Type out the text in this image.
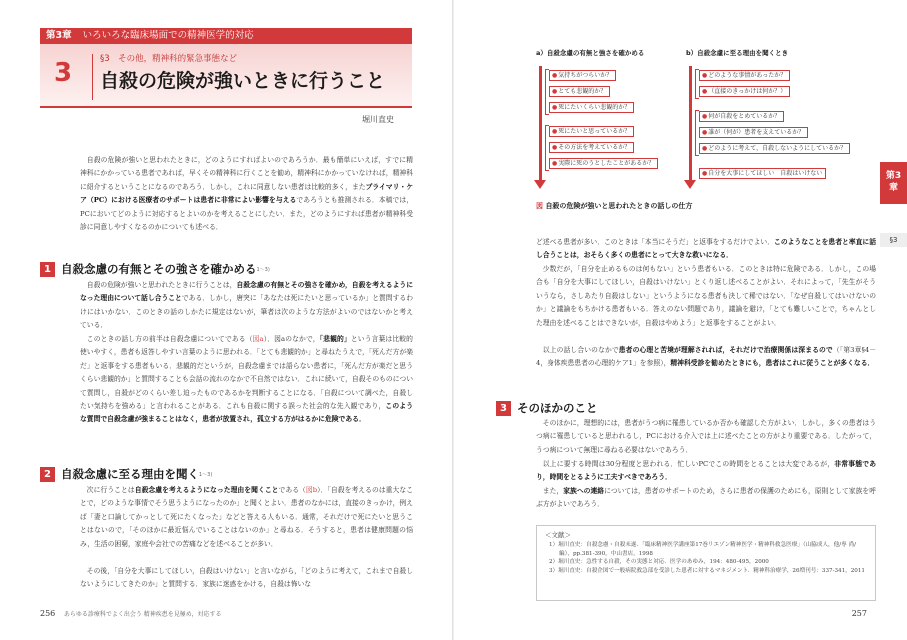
第3章 いろいろな臨床場面での精神医学的対応
3	§3　その他，精神科的緊急事態など
自殺の危険が強いときに行うこと
堀川直史

自殺の危険が強いと思われたときに，どのようにすればよいのであろうか．最も簡単にいえば，すでに精神科にかかっている患者であれば，早くその精神科に行くことを勧め，精神科にかかっていなければ，精神科に紹介するということになるのであろう．しかし，これに同意しない患者は比較的多く，またプライマリ・ケア（PC）における医療者のサポートは患者に非常によい影響を与えるであろうとも推測される．本稿では，PCにおいてどのように対応するとよいのかを考えることにしたい．また，どのようにすれば患者が精神科受診に同意しやすくなるのかについても述べる．

1 自殺念慮の有無とその強さを確かめる 1～3)

自殺の危険が強いと思われたときに行うことは，自殺念慮の有無とその強さを確かめ，自殺を考えるようになった理由について話し合うことである．しかし，唐突に「あなたは死にたいと思っているか」と質問するわけにはいかない．このときの話のしかたに規定はないが，筆者は次のような方法がよいのではないかと考えている．

このときの話し方の前半は自殺念慮についてである（図a）．図aのなかで，「悲観的」という言葉は比較的使いやすく，患者も返答しやすい言葉のように思われる．「とても悲観的か」と尋ねたうえで，「死んだ方が楽だ」と返事をする患者もいる．悲観的だというが，自殺念慮までは語らない患者に，「死んだ方が楽だと思うくらい悲観的か」と質問することも会話の流れのなかで不自然ではない．これに続いて，自殺そのものについて質問し，自殺がどのくらい差し迫ったものであるかを判断することになる．「自殺について調べた，自殺したい気持ちを強める」と言われることがある．これも自殺に関する誤った社会的な先入観であり，このような質問で自殺念慮が強まることはなく，患者が放置され，孤立する方がはるかに危険である．

2 自殺念慮に至る理由を聞く 1～3)

次に行うことは自殺念慮を考えるようになった理由を聞くことである（図b）．「自殺を考えるのは重大なことで，どのような事情でそう思うようになったのか」と聞くとよい．患者のなかには，直接のきっかけ，例えば「妻と口論してかっとして死にたくなった」などと答える人もいる．通常，それだけで死にたいと思うことはないので，「そのほかに最近悩んでいることはないのか」と尋ねる．そうすると，患者は健康問題の悩み，生活の困窮，家庭や会社での苦痛などを述べることが多い．

その後，「自分を大事にしてほしい，自殺はいけない」と言いながら，「どのように考えて，これまで自殺しないようにしてきたのか」と質問する．家族に迷惑をかける，自殺は怖いな

256 あらゆる診療科でよく出会う 精神疾患を見極め，対応する
a）自殺念慮の有無と強さを確かめる	b）自殺念慮に至る理由を聞くとき
●気持ちがつらいか？
●とても悲観的か？
●死にたいくらい悲観的か？
●死にたいと思っているか？
●その方法を考えているか？
●実際に死のうとしたことがあるか？
●どのような事情があったか？
●（直接のきっかけは何か？）
●何が自殺をとめているか？
●誰が（何が）患者を支えているか？
●どのように考えて，自殺しないようにしているか？
●自分を大事にしてほしい　自殺はいけない
図 自殺の危険が強いと思われたときの話しの仕方

ど述べる患者が多い．このときは「本当にそうだ」と返事をするだけでよい．このようなことを患者と率直に話し合うことは，おそらく多くの患者にとって大きな救いになる．

少数だが，「自分を止めるものは何もない」という患者もいる．このときは特に危険である．しかし，この場合も「自分を大事にしてほしい，自殺はいけない」とくり返し述べることがよい．それによって，「先生がそういうなら，さしあたり自殺はしない」というようになる患者も決して稀ではない．「なぜ自殺してはいけないのか」と議論をもちかける患者もいる．答えのない問題であり，議論を避け，「とても難しいことで，ちゃんとした理由を述べることはできないが，自殺はやめよう」と返事をすることがよい．

以上の話し合いのなかで患者の心理と苦境が理解されれば，それだけで治療関係は深まるので（「第3章§4－4，身体疾患患者の心理的ケア1」を参照），精神科受診を勧めたときにも，患者はこれに従うことが多くなる．

3 そのほかのこと

そのほかに，理想的には，患者がうつ病に罹患しているか否かも確認した方がよい．しかし，多くの患者はうつ病に罹患していると思われるし，PCにおける介入では上に述べたことの方がより重要である．したがって，うつ病について無理に尋ねる必要はないであろう．

以上に要する時間は30分程度と思われる．忙しいPCでこの時間をとることは大変であるが，非常事態であり，時間をとるように工夫すべきであろう．

また，家族への連絡については，患者のサポートのため，さらに患者の保護のためにも，原則として家族を呼ぶ方がよいであろう．

＜文献＞
1）堀川直史：自殺念慮・自殺未遂．「臨床精神医学講座第17巻リエゾン精神医学・精神科救急医療」（山脇成人，他/専 尚/編），pp.381-390，中山書店，1998
2）堀川直史：急性する自殺，その実態と対応．医学のあゆみ，194：480-495，2000
3）堀川直史：自殺企図で一般病院救急部を受診した患者に対するマネジメント．精神科治療学，26増刊号：337-341，2011
257
第3
章
§3
